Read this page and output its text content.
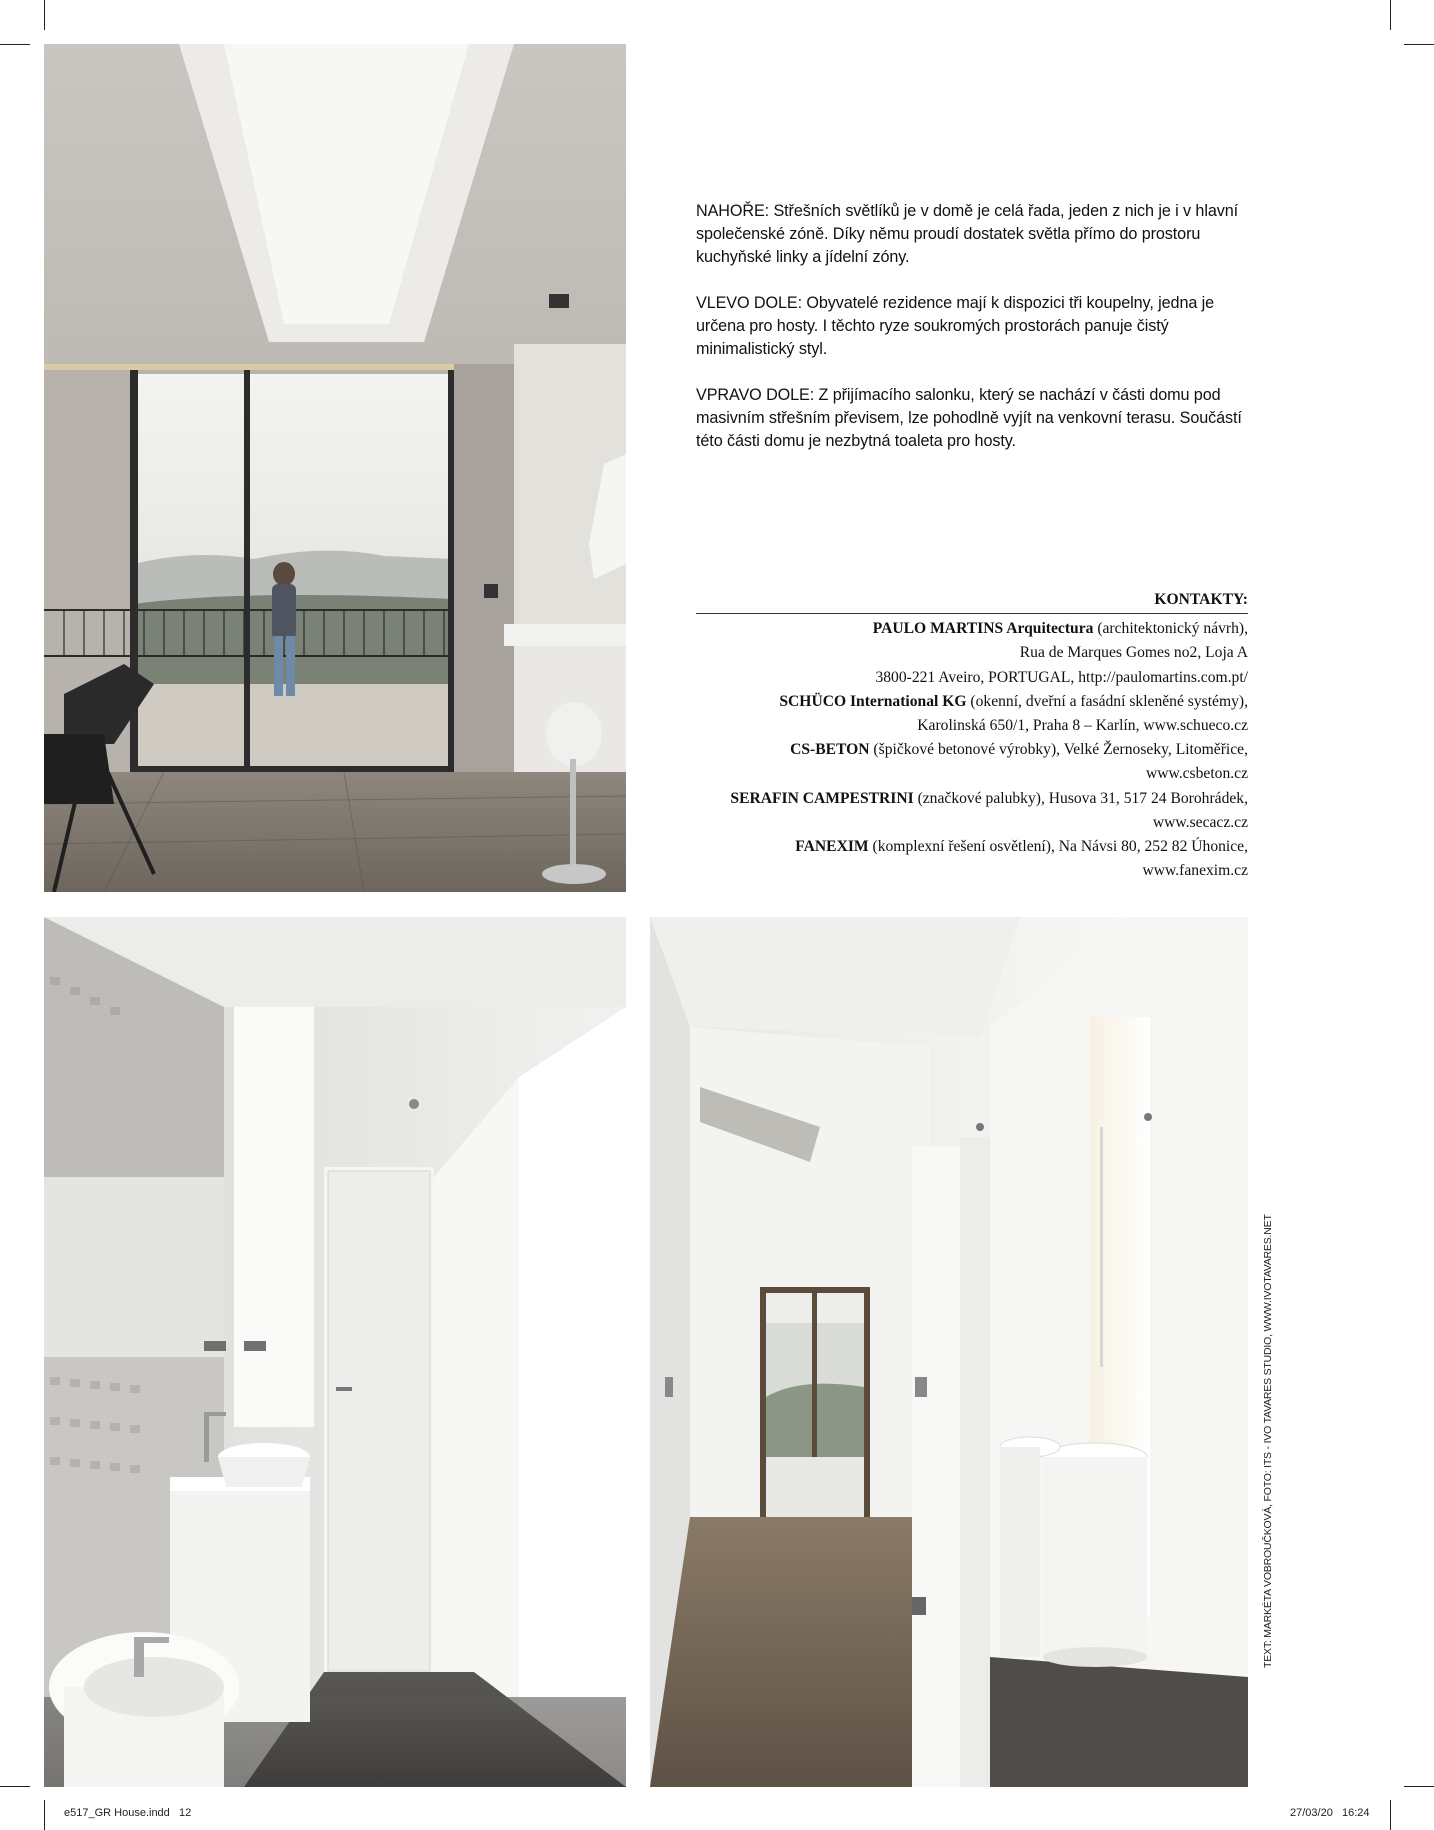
NAHOŘE: Střešních světlíků je v domě je celá řada, jeden z nich je i v hlavní společenské zóně. Díky němu proudí dostatek světla přímo do prostoru kuchyňské linky a jídelní zóny.

VLEVO DOLE: Obyvatelé rezidence mají k dispozici tři koupelny, jedna je určena pro hosty. I těchto ryze soukromých prostorách panuje čistý minimalistický styl.

VPRAVO DOLE: Z přijímacího salonku, který se nachází v části domu pod masivním střešním převisem, lze pohodlně vyjít na venkovní terasu. Součástí této části domu je nezbytná toaleta pro hosty.

KONTAKTY:
PAULO MARTINS Arquitectura (architektonický návrh),
Rua de Marques Gomes no2, Loja A
3800-221 Aveiro, PORTUGAL, http://paulomartins.com.pt/
SCHÜCO International KG (okenní, dveřní a fasádní skleněné systémy),
Karolinská 650/1, Praha 8 – Karlín, www.schueco.cz
CS-BETON (špičkové betonové výrobky), Velké Žernoseky, Litoměřice,
www.csbeton.cz
SERAFIN CAMPESTRINI (značkové palubky), Husova 31, 517 24 Borohrádek,
www.secacz.cz
FANEXIM (komplexní řešení osvětlení), Na Návsi 80, 252 82 Úhonice,
www.fanexim.cz
TEXT: MARKÉTA VOBROUČKOVÁ, FOTO: ITS - IVO TAVARES STUDIO, WWW.IVOTAVARES.NET
e517_GR House.indd   12	27/03/20   16:24
